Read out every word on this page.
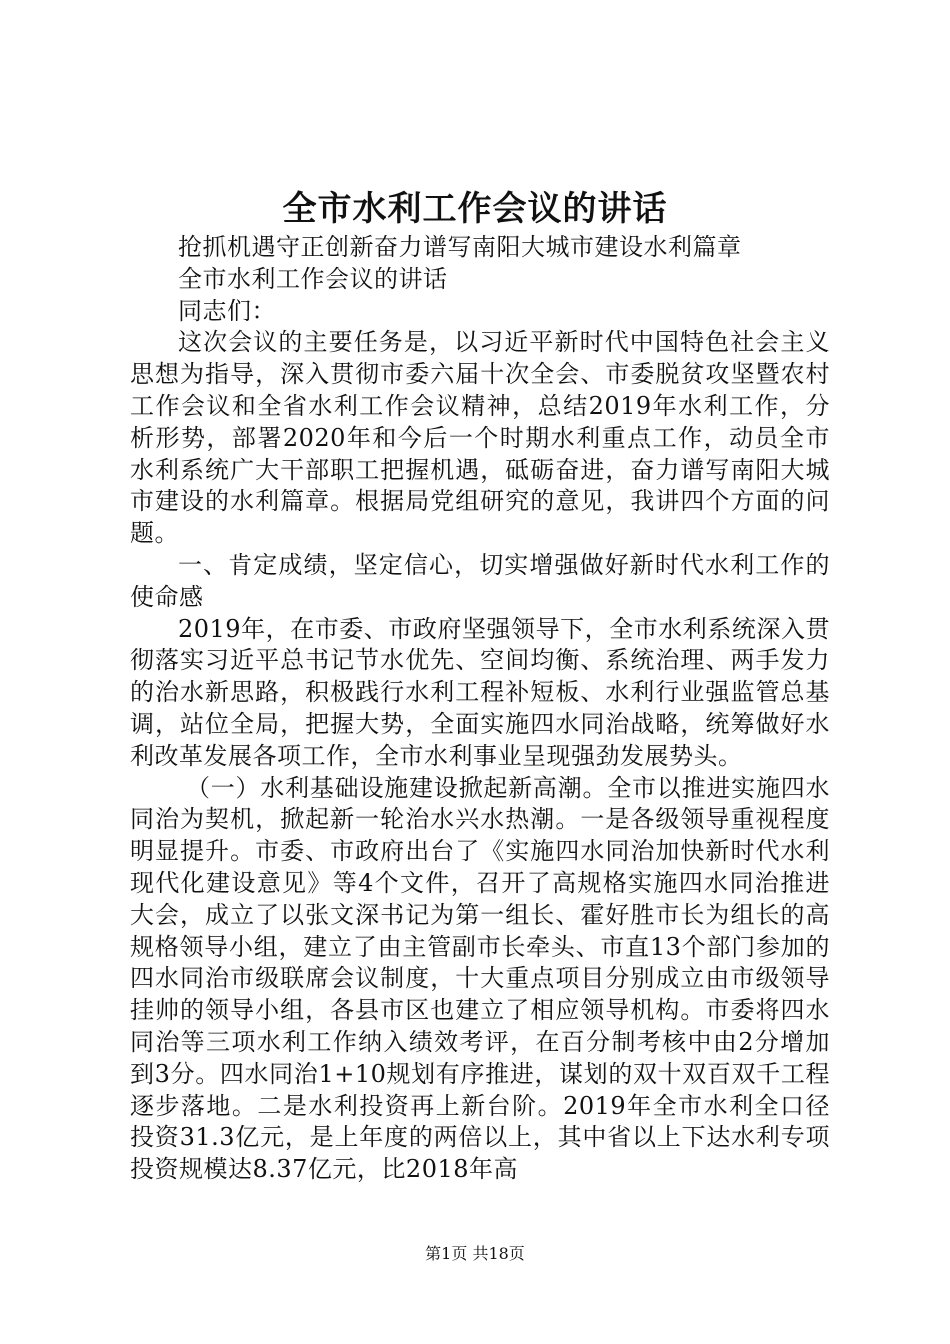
全市水利工作会议的讲话

抢抓机遇守正创新奋力谱写南阳大城市建设水利篇章

全市水利工作会议的讲话

同志们：

这次会议的主要任务是，以习近平新时代中国特色社会主义思想为指导，深入贯彻市委六届十次全会、市委脱贫攻坚暨农村工作会议和全省水利工作会议精神，总结2019年水利工作，分析形势，部署2020年和今后一个时期水利重点工作，动员全市水利系统广大干部职工把握机遇，砥砺奋进，奋力谱写南阳大城市建设的水利篇章。根据局党组研究的意见，我讲四个方面的问题。

一、肯定成绩，坚定信心，切实增强做好新时代水利工作的使命感

2019年，在市委、市政府坚强领导下，全市水利系统深入贯彻落实习近平总书记节水优先、空间均衡、系统治理、两手发力的治水新思路，积极践行水利工程补短板、水利行业强监管总基调，站位全局，把握大势，全面实施四水同治战略，统筹做好水利改革发展各项工作，全市水利事业呈现强劲发展势头。

（一）水利基础设施建设掀起新高潮。全市以推进实施四水同治为契机，掀起新一轮治水兴水热潮。一是各级领导重视程度明显提升。市委、市政府出台了《实施四水同治加快新时代水利现代化建设意见》等4个文件，召开了高规格实施四水同治推进大会，成立了以张文深书记为第一组长、霍好胜市长为组长的高规格领导小组，建立了由主管副市长牵头、市直13个部门参加的四水同治市级联席会议制度，十大重点项目分别成立由市级领导挂帅的领导小组，各县市区也建立了相应领导机构。市委将四水同治等三项水利工作纳入绩效考评，在百分制考核中由2分增加到3分。四水同治1+10规划有序推进，谋划的双十双百双千工程逐步落地。二是水利投资再上新台阶。2019年全市水利全口径投资31.3亿元，是上年度的两倍以上，其中省以上下达水利专项投资规模达8.37亿元，比2018年高

第1页 共18页
